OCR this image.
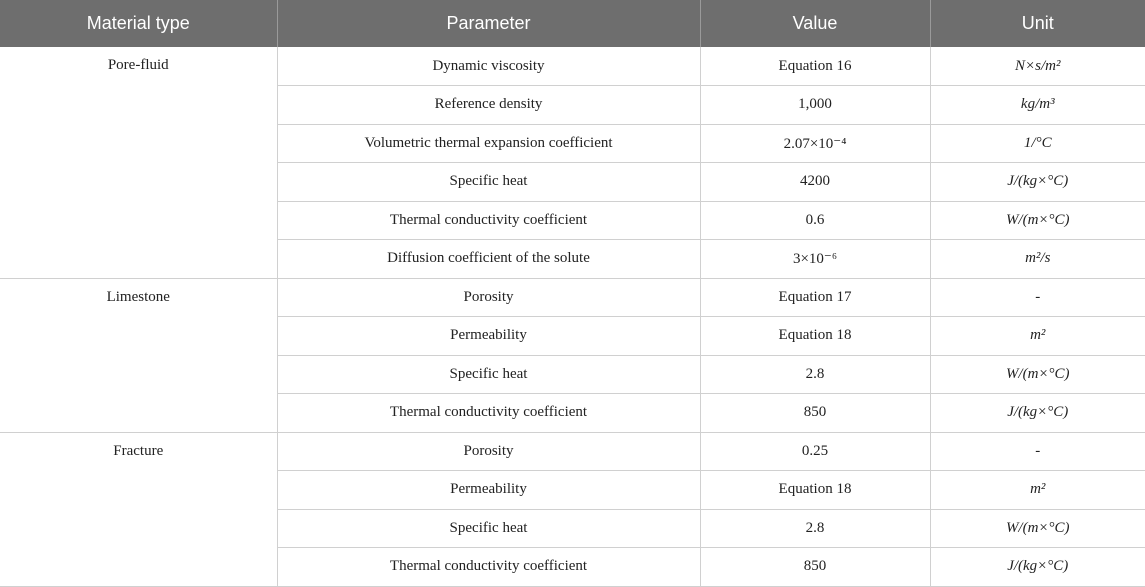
Material type	Parameter	Value	Unit
Pore-fluid	Dynamic viscosity	Equation 16	N×s/m²
	Reference density	1,000	kg/m³
	Volumetric thermal expansion coefficient	2.07×10⁻⁴	1/°C
	Specific heat	4200	J/(kg×°C)
	Thermal conductivity coefficient	0.6	W/(m×°C)
	Diffusion coefficient of the solute	3×10⁻⁶	m²/s
Limestone	Porosity	Equation 17	-
	Permeability	Equation 18	m²
	Specific heat	2.8	W/(m×°C)
	Thermal conductivity coefficient	850	J/(kg×°C)
Fracture	Porosity	0.25	-
	Permeability	Equation 18	m²
	Specific heat	2.8	W/(m×°C)
	Thermal conductivity coefficient	850	J/(kg×°C)
